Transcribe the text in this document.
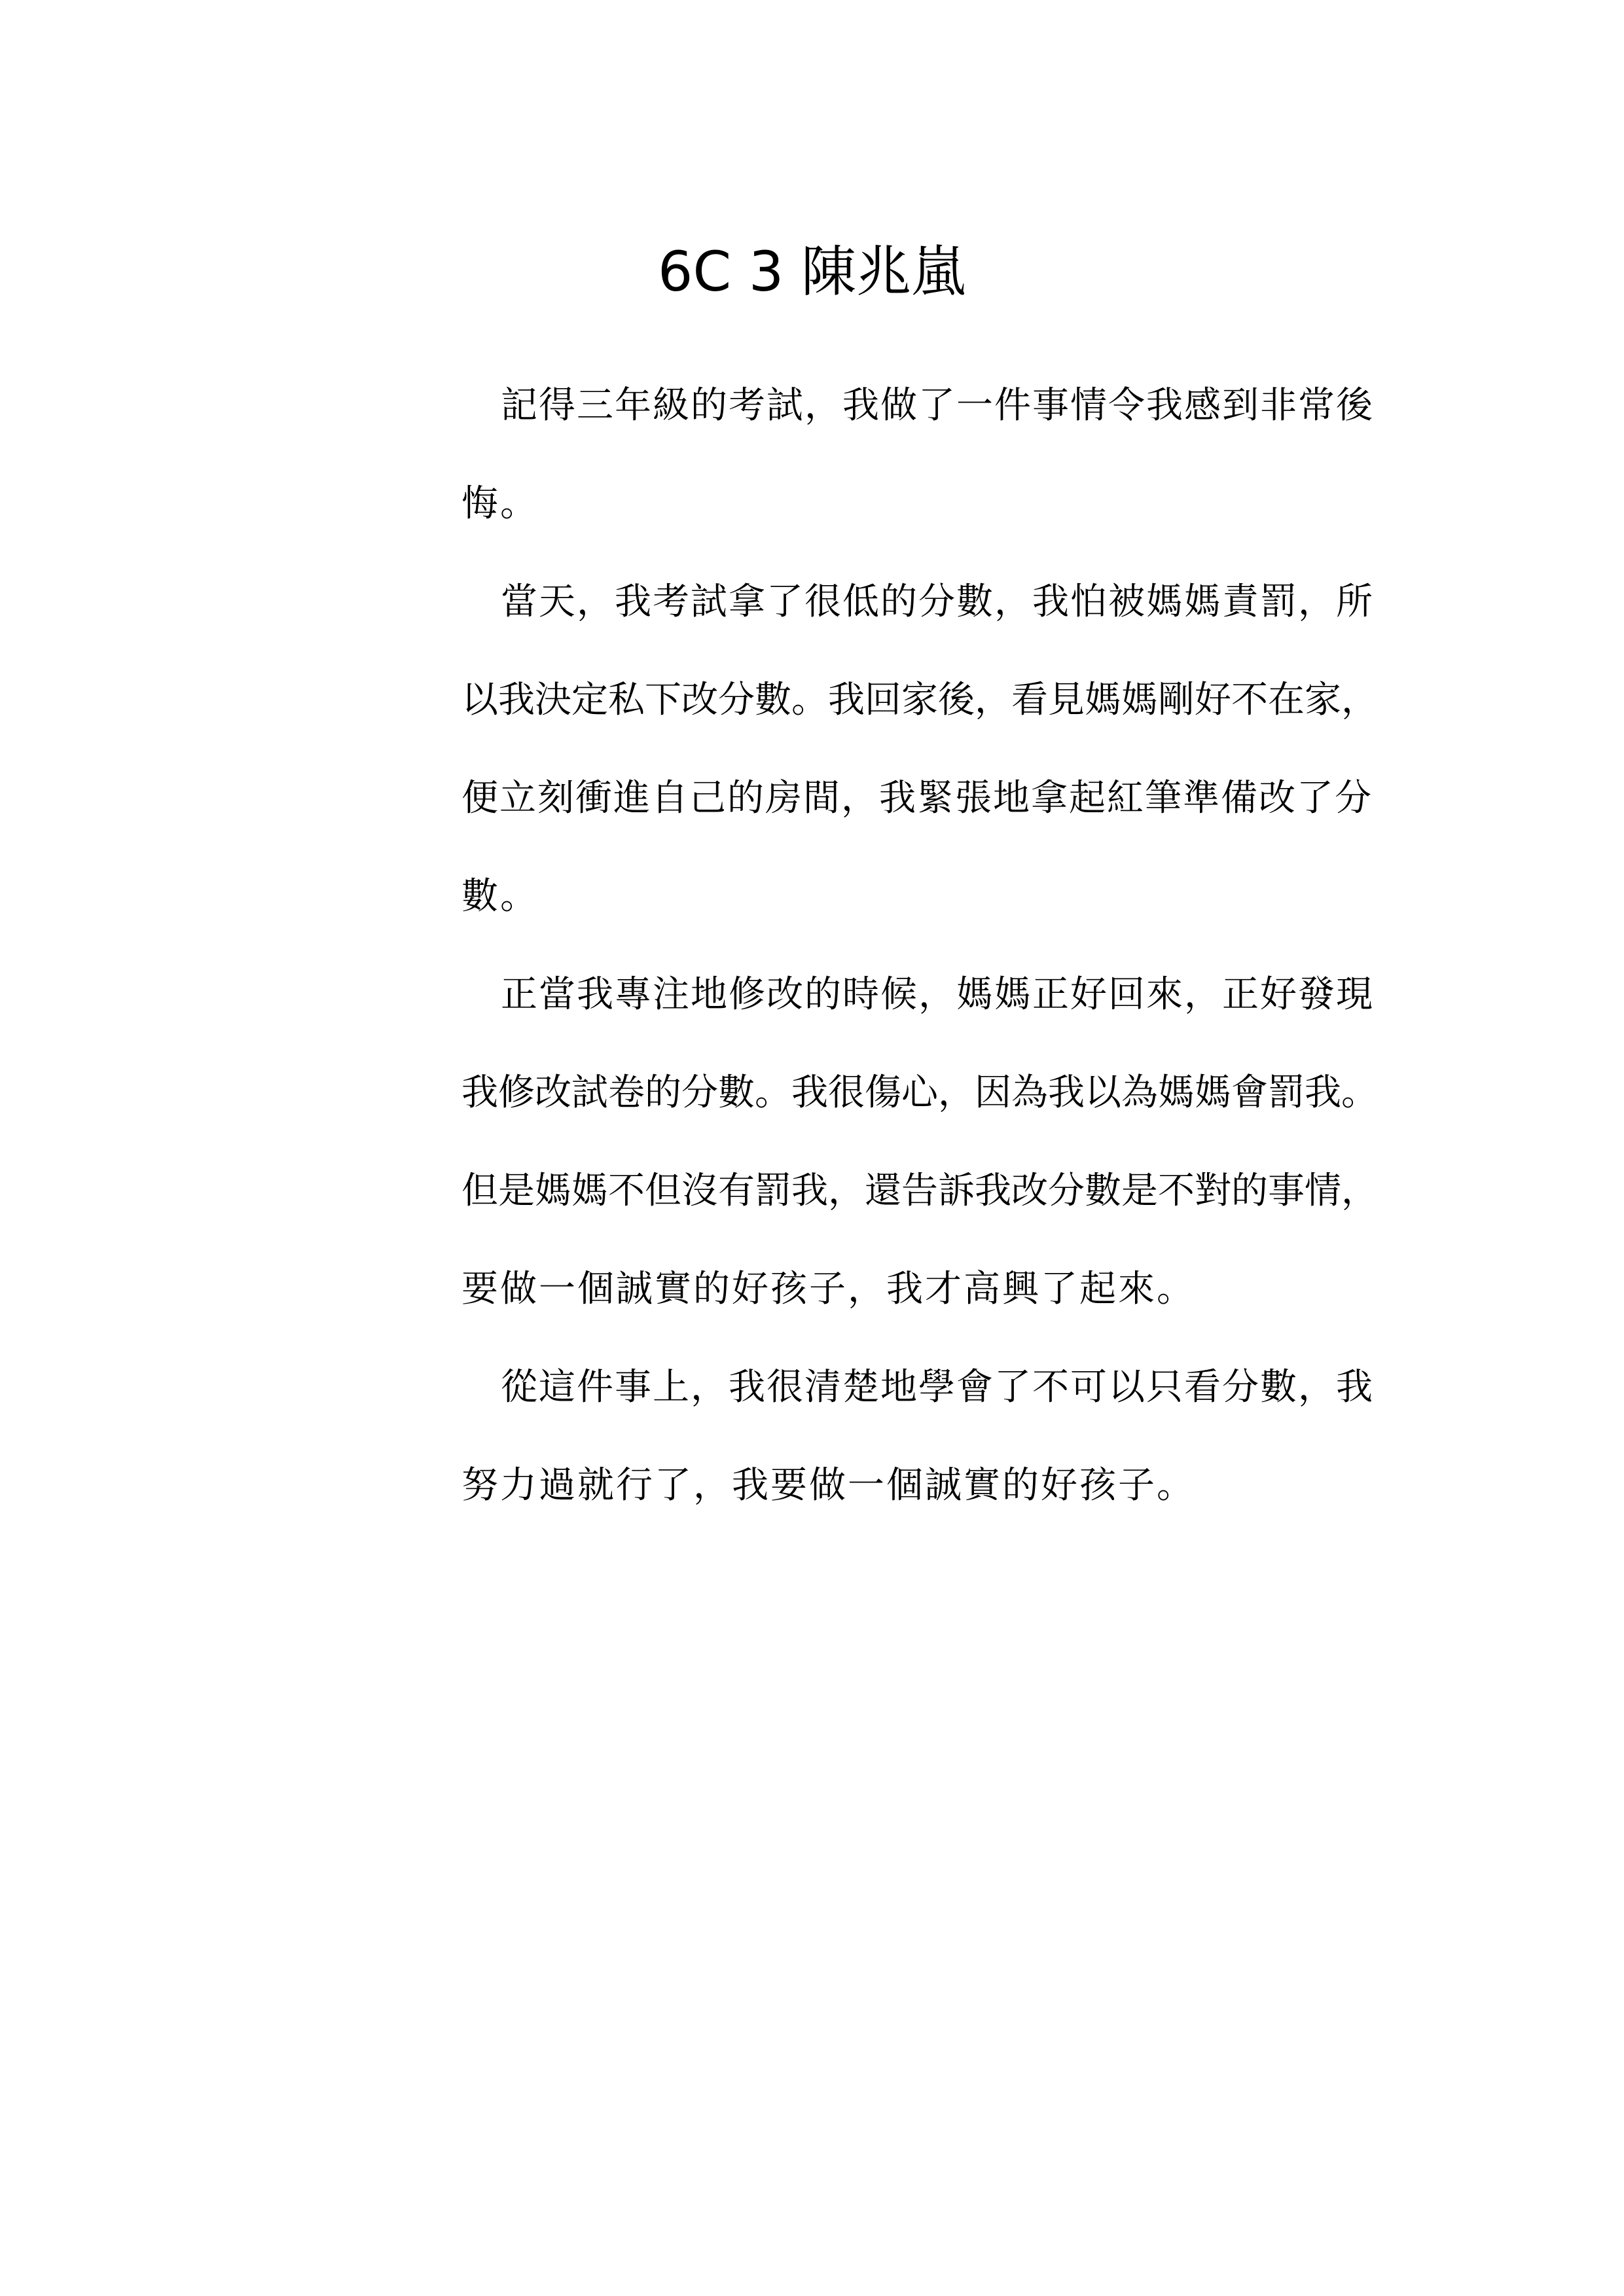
6C 3 陳兆嵐
記得三年級的考試，我做了一件事情令我感到非常後
悔。
當天，我考試拿了很低的分數，我怕被媽媽責罰，所
以我決定私下改分數。我回家後，看見媽媽剛好不在家，
便立刻衝進自己的房間，我緊張地拿起紅筆準備改了分
數。
正當我專注地修改的時候，媽媽正好回來，正好發現
我修改試卷的分數。我很傷心，因為我以為媽媽會罰我。
但是媽媽不但沒有罰我，還告訴我改分數是不對的事情，
要做一個誠實的好孩子，我才高興了起來。
從這件事上，我很清楚地學會了不可以只看分數，我
努力過就行了，我要做一個誠實的好孩子。
